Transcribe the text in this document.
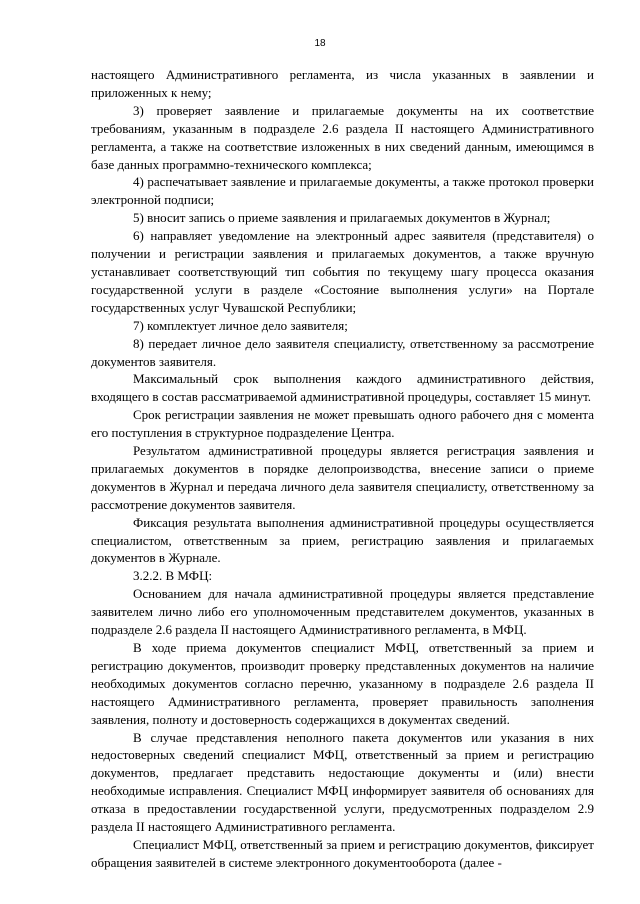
18

настоящего Административного регламента, из числа указанных в заявлении и приложенных к нему;

3) проверяет заявление и прилагаемые документы на их соответствие требованиям, указанным в подразделе 2.6 раздела II настоящего Административного регламента, а также на соответствие изложенных в них сведений данным, имеющимся в базе данных программно-технического комплекса;

4) распечатывает заявление и прилагаемые документы, а также протокол проверки электронной подписи;

5) вносит запись о приеме заявления и прилагаемых документов в Журнал;

6) направляет уведомление на электронный адрес заявителя (представителя) о получении и регистрации заявления и прилагаемых документов, а также вручную устанавливает соответствующий тип события по текущему шагу процесса оказания государственной услуги в разделе «Состояние выполнения услуги» на Портале государственных услуг Чувашской Республики;

7) комплектует личное дело заявителя;

8) передает личное дело заявителя специалисту, ответственному за рассмотрение документов заявителя.

Максимальный срок выполнения каждого административного действия, входящего в состав рассматриваемой административной процедуры, составляет 15 минут.

Срок регистрации заявления не может превышать одного рабочего дня с момента его поступления в структурное подразделение Центра.

Результатом административной процедуры является регистрация заявления и прилагаемых документов в порядке делопроизводства, внесение записи о приеме документов в Журнал и передача личного дела заявителя специалисту, ответственному за рассмотрение документов заявителя.

Фиксация результата выполнения административной процедуры осуществляется специалистом, ответственным за прием, регистрацию заявления и прилагаемых документов в Журнале.

3.2.2. В МФЦ:

Основанием для начала административной процедуры является представление заявителем лично либо его уполномоченным представителем документов, указанных в подразделе 2.6 раздела II настоящего Административного регламента, в МФЦ.

В ходе приема документов специалист МФЦ, ответственный за прием и регистрацию документов, производит проверку представленных документов на наличие необходимых документов согласно перечню, указанному в подразделе 2.6 раздела II настоящего Административного регламента, проверяет правильность заполнения заявления, полноту и достоверность содержащихся в документах сведений.

В случае представления неполного пакета документов или указания в них недостоверных сведений специалист МФЦ, ответственный за прием и регистрацию документов, предлагает представить недостающие документы и (или) внести необходимые исправления. Специалист МФЦ информирует заявителя об основаниях для отказа в предоставлении государственной услуги, предусмотренных подразделом 2.9 раздела II настоящего Административного регламента.

Специалист МФЦ, ответственный за прием и регистрацию документов, фиксирует обращения заявителей в системе электронного документооборота (далее -
